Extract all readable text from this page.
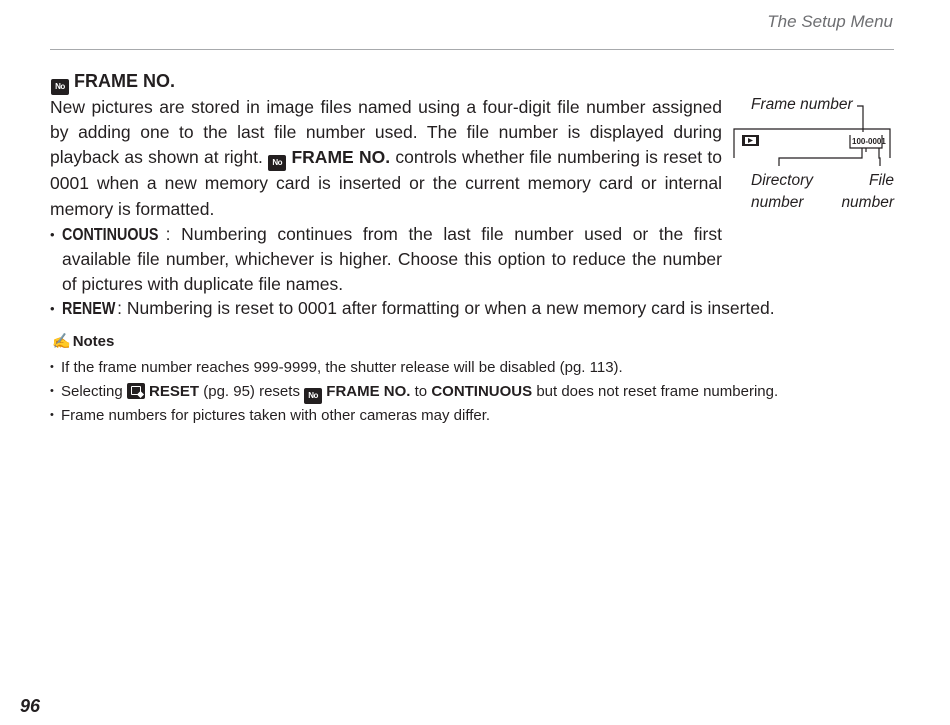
The Setup Menu
No FRAME NO.

New pictures are stored in image files named using a four-digit file number assigned by adding one to the last file number used. The file number is displayed during playback as shown at right. No FRAME NO. controls whether file numbering is reset to 0001 when a new memory card is inserted or the current memory card or internal memory is formatted.

• CONTINUOUS : Numbering continues from the last file number used or the first available file number, whichever is higher. Choose this option to reduce the number of pictures with duplicate file names.
• RENEW: Numbering is reset to 0001 after formatting or when a new memory card is inserted.
Frame number
100-0001
Directory
number
File
number
✍ Notes
• If the frame number reaches 999-9999, the shutter release will be disabled (pg. 113).
• Selecting  RESET (pg. 95) resets No FRAME NO. to CONTINUOUS but does not reset frame numbering.
• Frame numbers for pictures taken with other cameras may differ.
96
